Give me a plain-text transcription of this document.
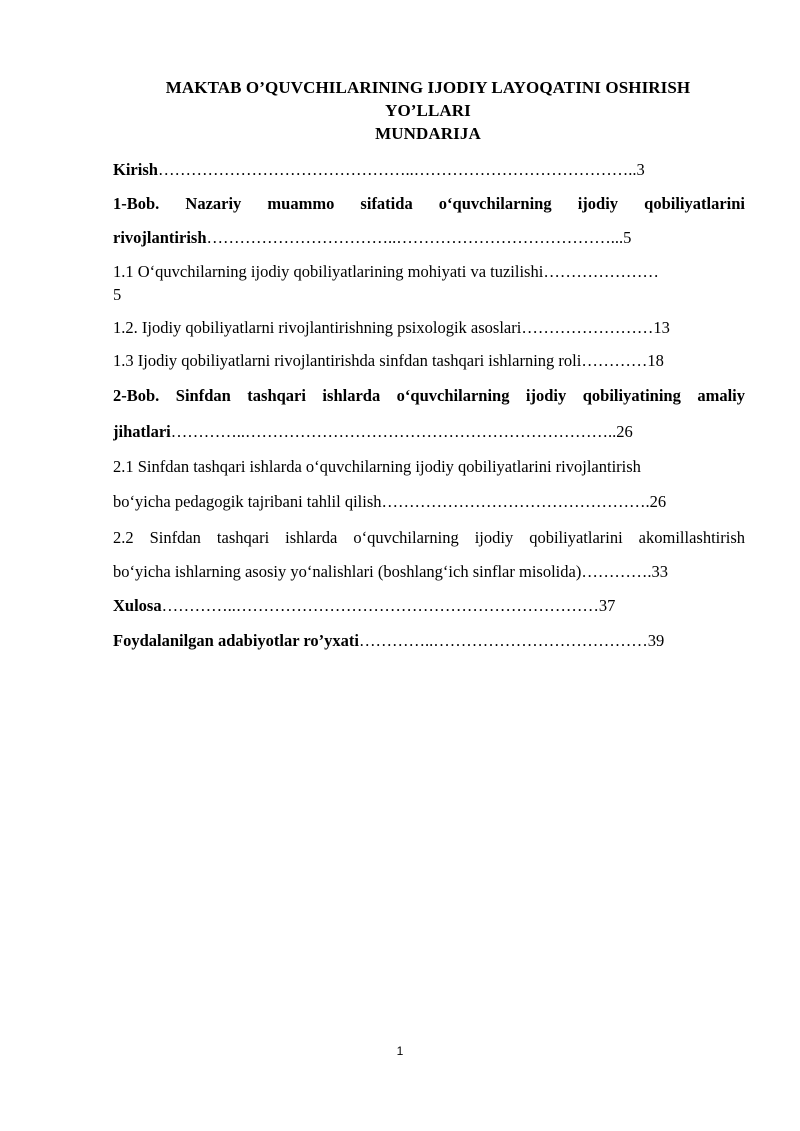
MAKTAB O’QUVCHILARINING IJODIY LAYOQATINI OSHIRISH
YO’LLARI
MUNDARIJA
Kirish………………………………………..…………………………………..3
1-Bob. Nazariy muammo sifatida o‘quvchilarning ijodiy qobiliyatlarini
rivojlantirish……………………………..…………………………………...5
1.1 O‘quvchilarning ijodiy qobiliyatlarining mohiyati va tuzilishi…………………
5
1.2. Ijodiy qobiliyatlarni rivojlantirishning psixologik asoslari……………………13
1.3 Ijodiy qobiliyatlarni rivojlantirishda sinfdan tashqari ishlarning roli…………18
2-Bob. Sinfdan tashqari ishlarda o‘quvchilarning ijodiy qobiliyatining amaliy
jihatlari…………..…………………………………………………………..26
2.1 Sinfdan tashqari ishlarda o‘quvchilarning ijodiy qobiliyatlarini rivojlantirish
bo‘yicha pedagogik tajribani tahlil qilish………………………………………….26
2.2 Sinfdan tashqari ishlarda o‘quvchilarning ijodiy qobiliyatlarini akomillashtirish
bo‘yicha ishlarning asosiy yo‘nalishlari (boshlang‘ich sinflar misolida)………….33
Xulosa…………..…………………………………………………………37
Foydalanilgan adabiyotlar ro’yxati…………..…………………………………39
1
